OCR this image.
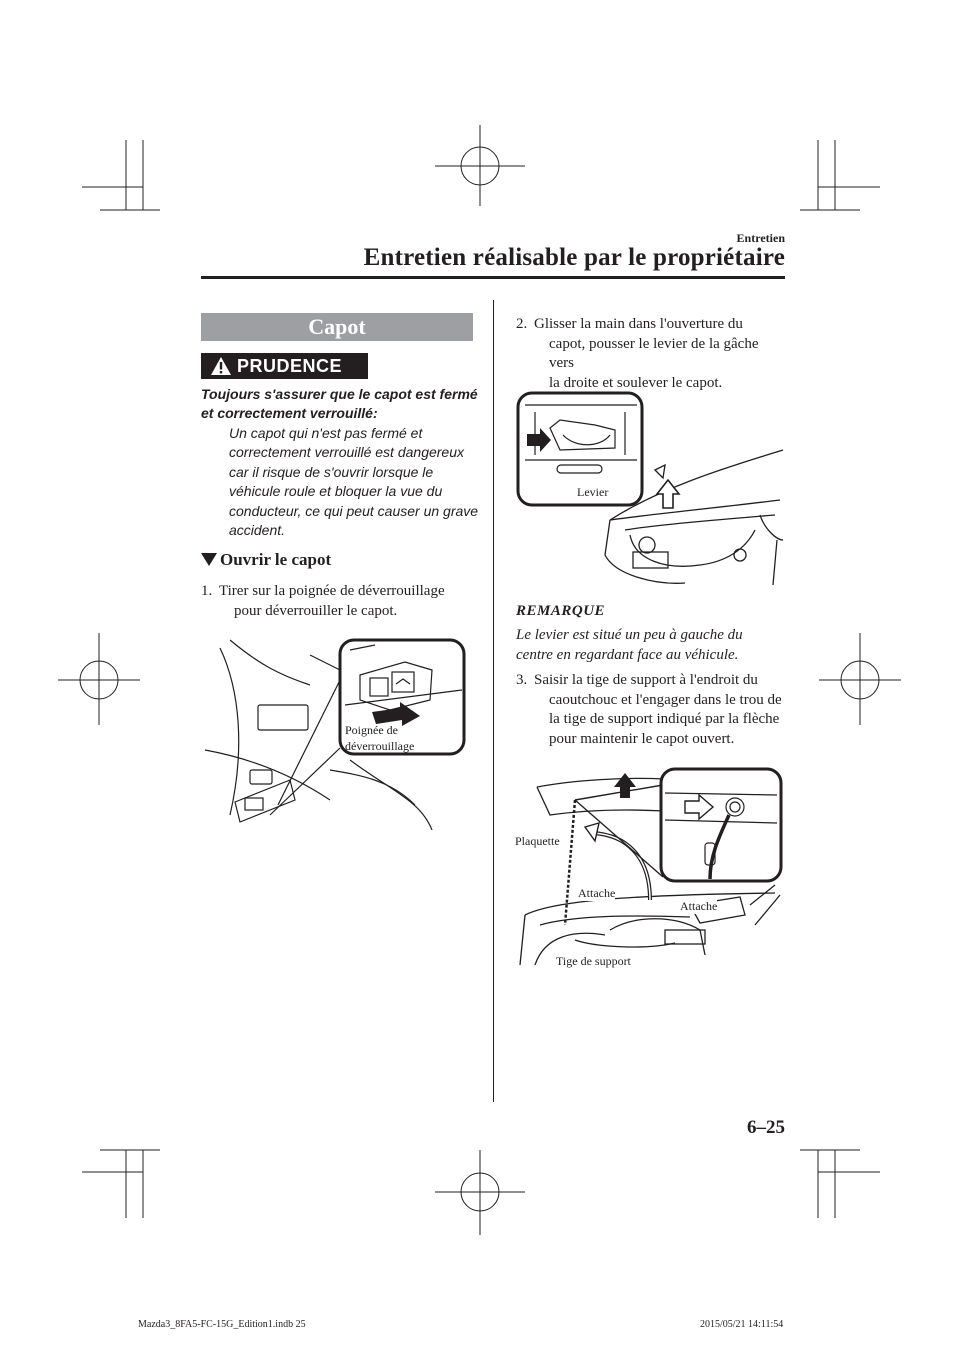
Entretien
Entretien réalisable par le propriétaire
Capot
PRUDENCE
Toujours s'assurer que le capot est fermé et correctement verrouillé:
Un capot qui n'est pas fermé et correctement verrouillé est dangereux car il risque de s'ouvrir lorsque le véhicule roule et bloquer la vue du conducteur, ce qui peut causer un grave accident.
Ouvrir le capot
1. Tirer sur la poignée de déverrouillage
pour déverrouiller le capot.
Poignée de
déverrouillage
2. Glisser la main dans l'ouverture du
capot, pousser le levier de la gâche vers
la droite et soulever le capot.
Levier
REMARQUE
Le levier est situé un peu à gauche du centre en regardant face au véhicule.
3. Saisir la tige de support à l'endroit du
caoutchouc et l'engager dans le trou de
la tige de support indiqué par la flèche
pour maintenir le capot ouvert.
Plaquette
Attache
Attache
Tige de support
6–25
Mazda3_8FA5-FC-15G_Edition1.indb 25	2015/05/21 14:11:54
